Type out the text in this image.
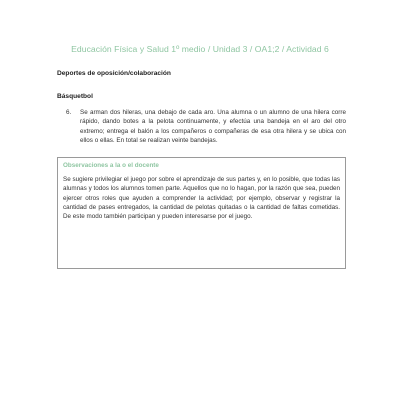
Educación Física y Salud 1º medio / Unidad 3 / OA1;2 / Actividad 6
Deportes de oposición/colaboración
Básquetbol
6.	Se arman dos hileras, una debajo de cada aro. Una alumna o un alumno de una hilera corre rápido, dando botes a la pelota continuamente, y efectúa una bandeja en el aro del otro extremo; entrega el balón a los compañeros o compañeras de esa otra hilera y se ubica con ellos o ellas. En total se realizan veinte bandejas.
Observaciones a la o el docente
Se sugiere privilegiar el juego por sobre el aprendizaje de sus partes y, en lo posible, que todas las alumnas y todos los alumnos tomen parte. Aquellos que no lo hagan, por la razón que sea, pueden ejercer otros roles que ayuden a comprender la actividad; por ejemplo, observar y registrar la cantidad de pases entregados, la cantidad de pelotas quitadas o la cantidad de faltas cometidas. De este modo también participan y pueden interesarse por el juego.
